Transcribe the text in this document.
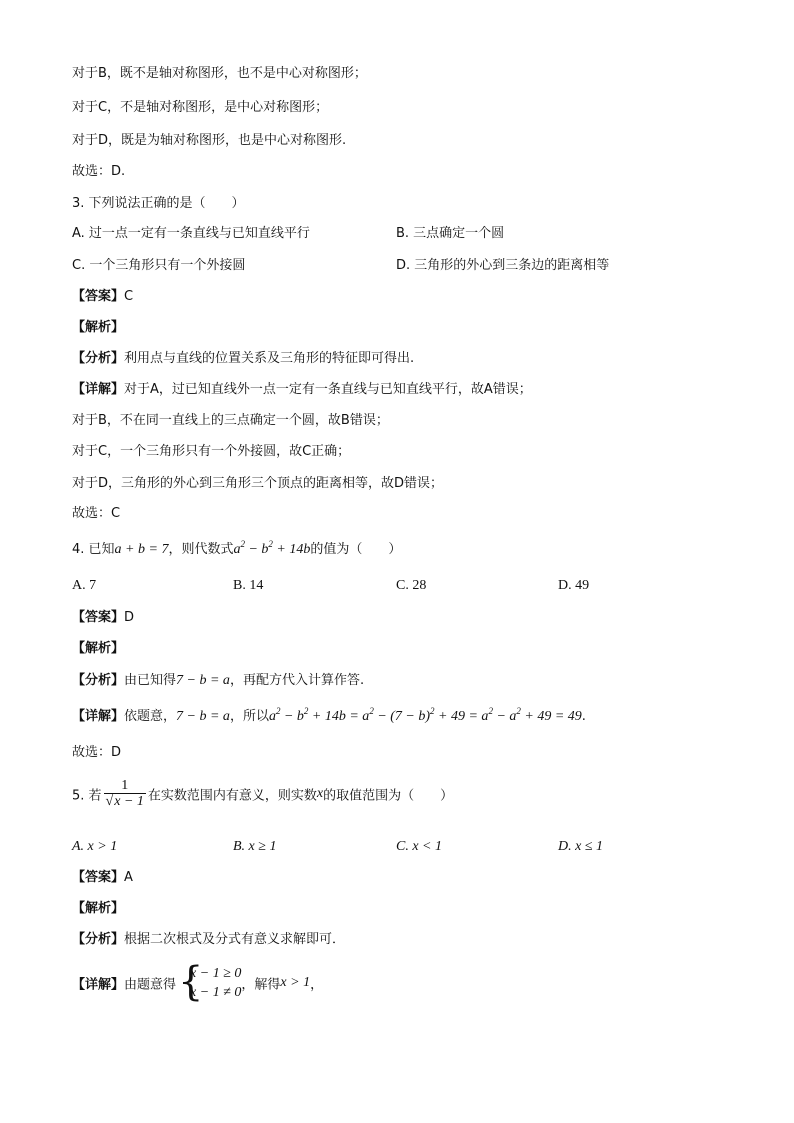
对于B，既不是轴对称图形，也不是中心对称图形；
对于C，不是轴对称图形，是中心对称图形；
对于D，既是为轴对称图形，也是中心对称图形.
故选：D.
3. 下列说法正确的是（　　）
A. 过一点一定有一条直线与已知直线平行	B. 三点确定一个圆
C. 一个三角形只有一个外接圆	D. 三角形的外心到三条边的距离相等
【答案】C
【解析】
【分析】利用点与直线的位置关系及三角形的特征即可得出.
【详解】对于A，过已知直线外一点一定有一条直线与已知直线平行，故A错误；
对于B，不在同一直线上的三点确定一个圆，故B错误；
对于C，一个三角形只有一个外接圆，故C正确；
对于D，三角形的外心到三角形三个顶点的距离相等，故D错误；
故选：C
4. 已知a + b = 7，则代数式$a^2 - b^2 + 14b$的值为（　　）
A. 7	B. 14	C. 28	D. 49
【答案】D
【解析】
【分析】由已知得7 − b = a，再配方代入计算作答.
【详解】依题意，7 − b = a，所以$a^2 - b^2 + 14b = a^2 - (7 - b)^2 + 49 = a^2 - a^2 + 49 = 49$.
故选：D
5. 若 $\frac{1}{√x - 1}$ 在实数范围内有意义，则实数x的取值范围为（　　）
A. x > 1	B. x ≥ 1	C. x < 1	D. x ≤ 1
【答案】A
【解析】
【分析】根据二次根式及分式有意义求解即可．
【详解】由题意得 {
x − 1 ≥ 0
x − 1 ≠ 0 ，解得x > 1，
